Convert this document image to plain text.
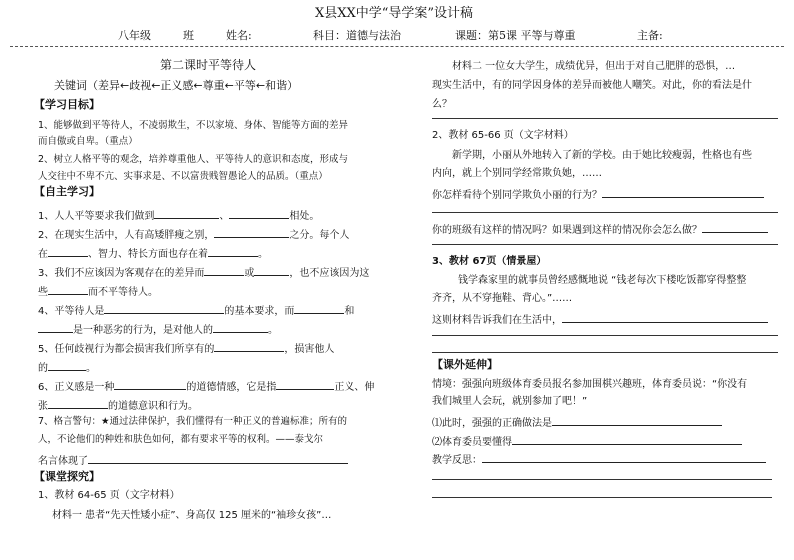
X县XX中学“导学案”设计稿
八年级	班	姓名:	科目：道德与法治	课题：第5课 平等与尊重	主备:
第二课时平等待人
关键词（差异←歧视←正义感←尊重←平等←和谐）
【学习目标】
1、能够做到平等待人，不凌弱欺生，不以家境、身体、智能等方面的差异
而自傲或自卑。（重点）
2、树立人格平等的观念，培养尊重他人、平等待人的意识和态度，形成与
人交往中不卑不亢、实事求是、不以富贵贱智愚论人的品质。（重点）
【自主学习】
1、人人平等要求我们做到	、	相处。
2、在现实生活中，人有高矮胖瘦之别，	之分。每个人
在	、智力、特长方面也存在着	。
3、我们不应该因为客观存在的差异而	或	，也不应该因为这
些	而不平等待人。
4、平等待人是	的基本要求，而	和
是一种恶劣的行为，是对他人的	。
5、任何歧视行为都会损害我们所享有的	，损害他人
的	。
6、正义感是一种	的道德情感，它是指	正义、伸
张	的道德意识和行为。
7、格言警句：★通过法律保护，我们懂得有一种正义的普遍标准；所有的
人，不论他们的种姓和肤色如何，都有要求平等的权利。——泰戈尔
名言体现了
【课堂探究】
1、教材 64-65 页（文字材料）
材料一 患者“先天性矮小症”、身高仅 125 厘米的“袖珍女孩”…
材料二 一位女大学生，成绩优异，但出于对自己肥胖的恐惧，…
现实生活中，有的同学因身体的差异而被他人嘲笑。对此，你的看法是什
么？
2、教材 65-66 页（文字材料）
新学期，小丽从外地转入了新的学校。由于她比较瘦弱，性格也有些
内向，就上个别同学经常欺负她，……
你怎样看待个别同学欺负小丽的行为？
你的班级有这样的情况吗？如果遇到这样的情况你会怎么做？
3、教材 67页（情景屋）
钱学森家里的就事员曾经感慨地说 “钱老每次下楼吃饭都穿得整整
齐齐，从不穿拖鞋、背心。”……
这则材料告诉我们在生活中，
【课外延伸】
情境：强强向班级体育委员报名参加围棋兴趣班，体育委员说：“你没有
我们城里人会玩，就别参加了吧！”
⑴此时，强强的正确做法是
⑵体育委员要懂得
教学反思：
